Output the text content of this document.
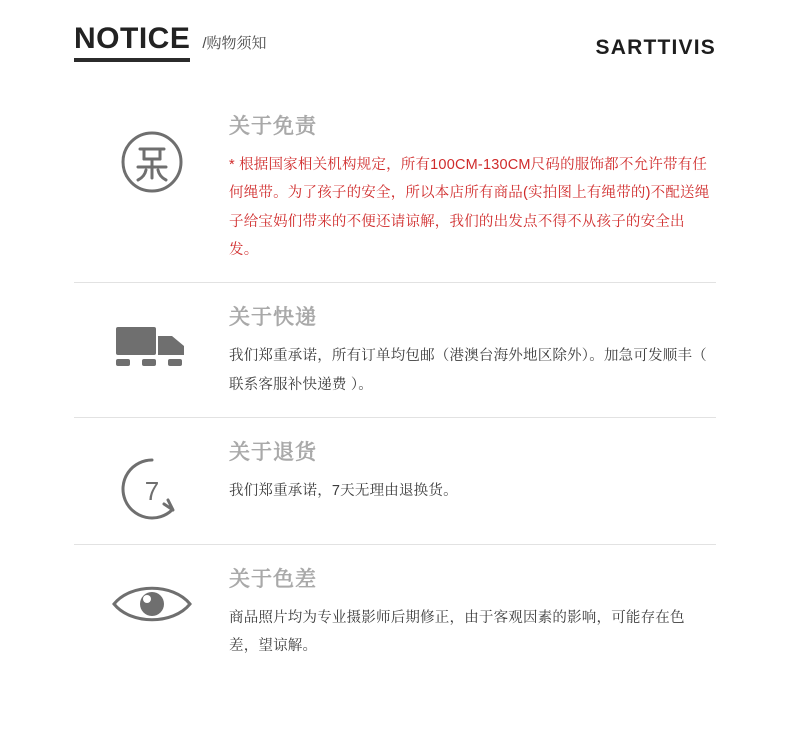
NOTICE /购物须知	SARTTIVIS
关于免责

* 根据国家相关机构规定，所有100CM-130CM尺码的服饰都不允许带有任何绳带。为了孩子的安全，所以本店所有商品(实拍图上有绳带的)不配送绳子给宝妈们带来的不便还请谅解，我们的出发点不得不从孩子的安全出发。

关于快递

我们郑重承诺，所有订单均包邮（港澳台海外地区除外）。加急可发顺丰（ 联系客服补快递费 ）。

7
关于退货

我们郑重承诺，7天无理由退换货。

关于色差

商品照片均为专业摄影师后期修正，由于客观因素的影响，可能存在色差，望谅解。
